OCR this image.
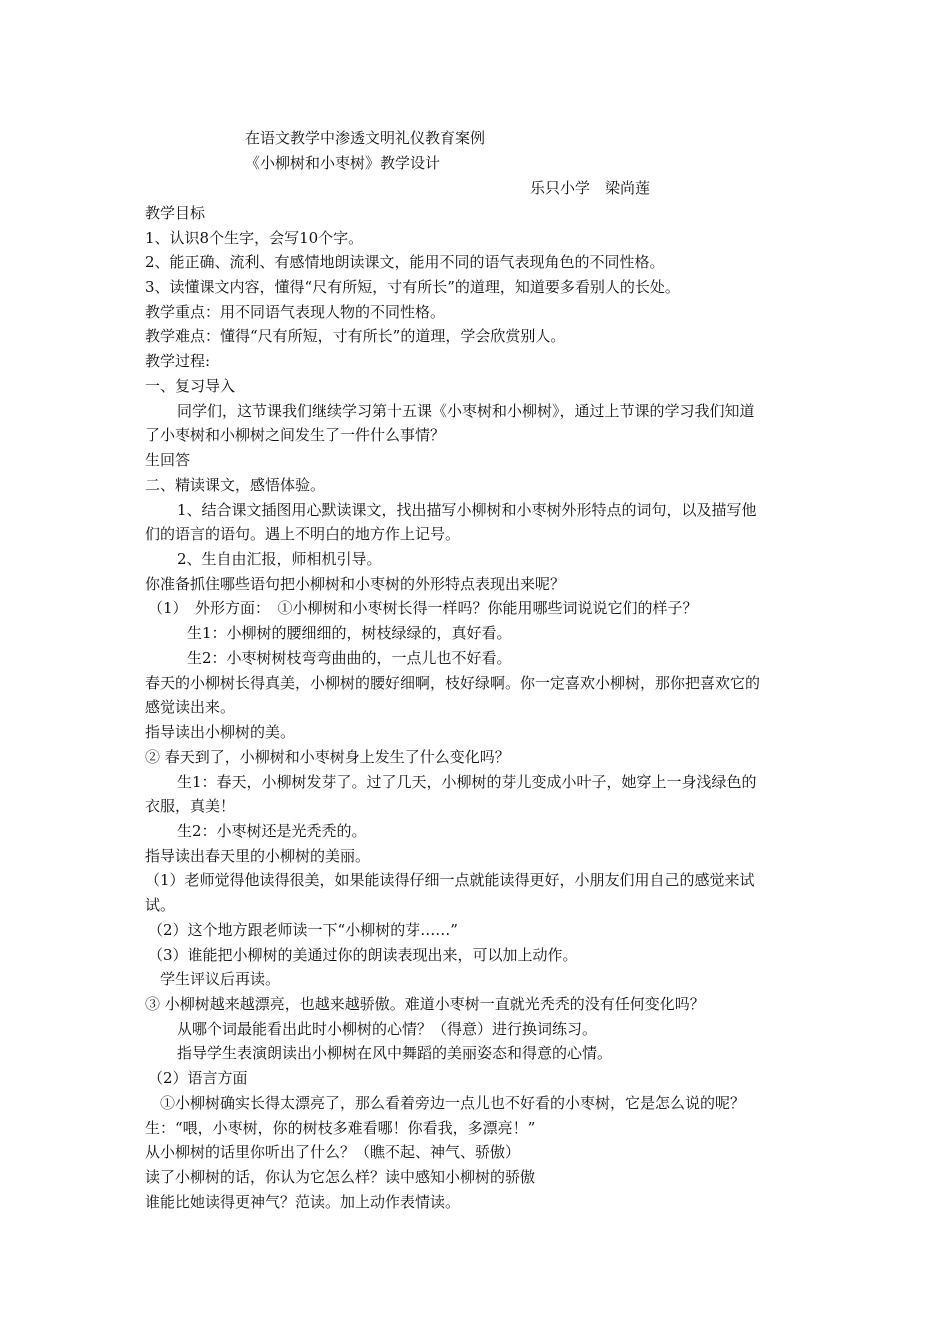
在语文教学中渗透文明礼仪教育案例
《小柳树和小枣树》教学设计
乐只小学　梁尚莲
教学目标
1、认识8个生字，会写10个字。
2、能正确、流利、有感情地朗读课文，能用不同的语气表现角色的不同性格。
3、读懂课文内容，懂得“尺有所短，寸有所长”的道理，知道要多看别人的长处。
教学重点：用不同语气表现人物的不同性格。
教学难点：懂得“尺有所短，寸有所长”的道理，学会欣赏别人。
教学过程:
一、复习导入
同学们，这节课我们继续学习第十五课《小枣树和小柳树》，通过上节课的学习我们知道
了小枣树和小柳树之间发生了一件什么事情？
生回答
二、精读课文，感悟体验。
1、结合课文插图用心默读课文，找出描写小柳树和小枣树外形特点的词句，以及描写他
们的语言的语句。遇上不明白的地方作上记号。
2、生自由汇报，师相机引导。
你准备抓住哪些语句把小柳树和小枣树的外形特点表现出来呢？
（1）　外形方面：　①小柳树和小枣树长得一样吗？你能用哪些词说说它们的样子？
生1：小柳树的腰细细的，树枝绿绿的，真好看。
生2：小枣树树枝弯弯曲曲的，一点儿也不好看。
春天的小柳树长得真美，小柳树的腰好细啊，枝好绿啊。你一定喜欢小柳树，那你把喜欢它的
感觉读出来。
指导读出小柳树的美。
② 春天到了，小柳树和小枣树身上发生了什么变化吗？
生1：春天，小柳树发芽了。过了几天，小柳树的芽儿变成小叶子，她穿上一身浅绿色的
衣服，真美！
生2：小枣树还是光秃秃的。
指导读出春天里的小柳树的美丽。
（1）老师觉得他读得很美，如果能读得仔细一点就能读得更好，小朋友们用自己的感觉来试
试。
（2）这个地方跟老师读一下“小柳树的芽……”
（3）谁能把小柳树的美通过你的朗读表现出来，可以加上动作。
学生评议后再读。
③ 小柳树越来越漂亮，也越来越骄傲。难道小枣树一直就光秃秃的没有任何变化吗？
从哪个词最能看出此时小柳树的心情？（得意）进行换词练习。
指导学生表演朗读出小柳树在风中舞蹈的美丽姿态和得意的心情。
（2）语言方面
①小柳树确实长得太漂亮了，那么看着旁边一点儿也不好看的小枣树，它是怎么说的呢？
生：“喂，小枣树，你的树枝多难看哪！你看我，多漂亮！”
从小柳树的话里你听出了什么？（瞧不起、神气、骄傲）
读了小柳树的话，你认为它怎么样？读中感知小柳树的骄傲
谁能比她读得更神气？范读。加上动作表情读。
